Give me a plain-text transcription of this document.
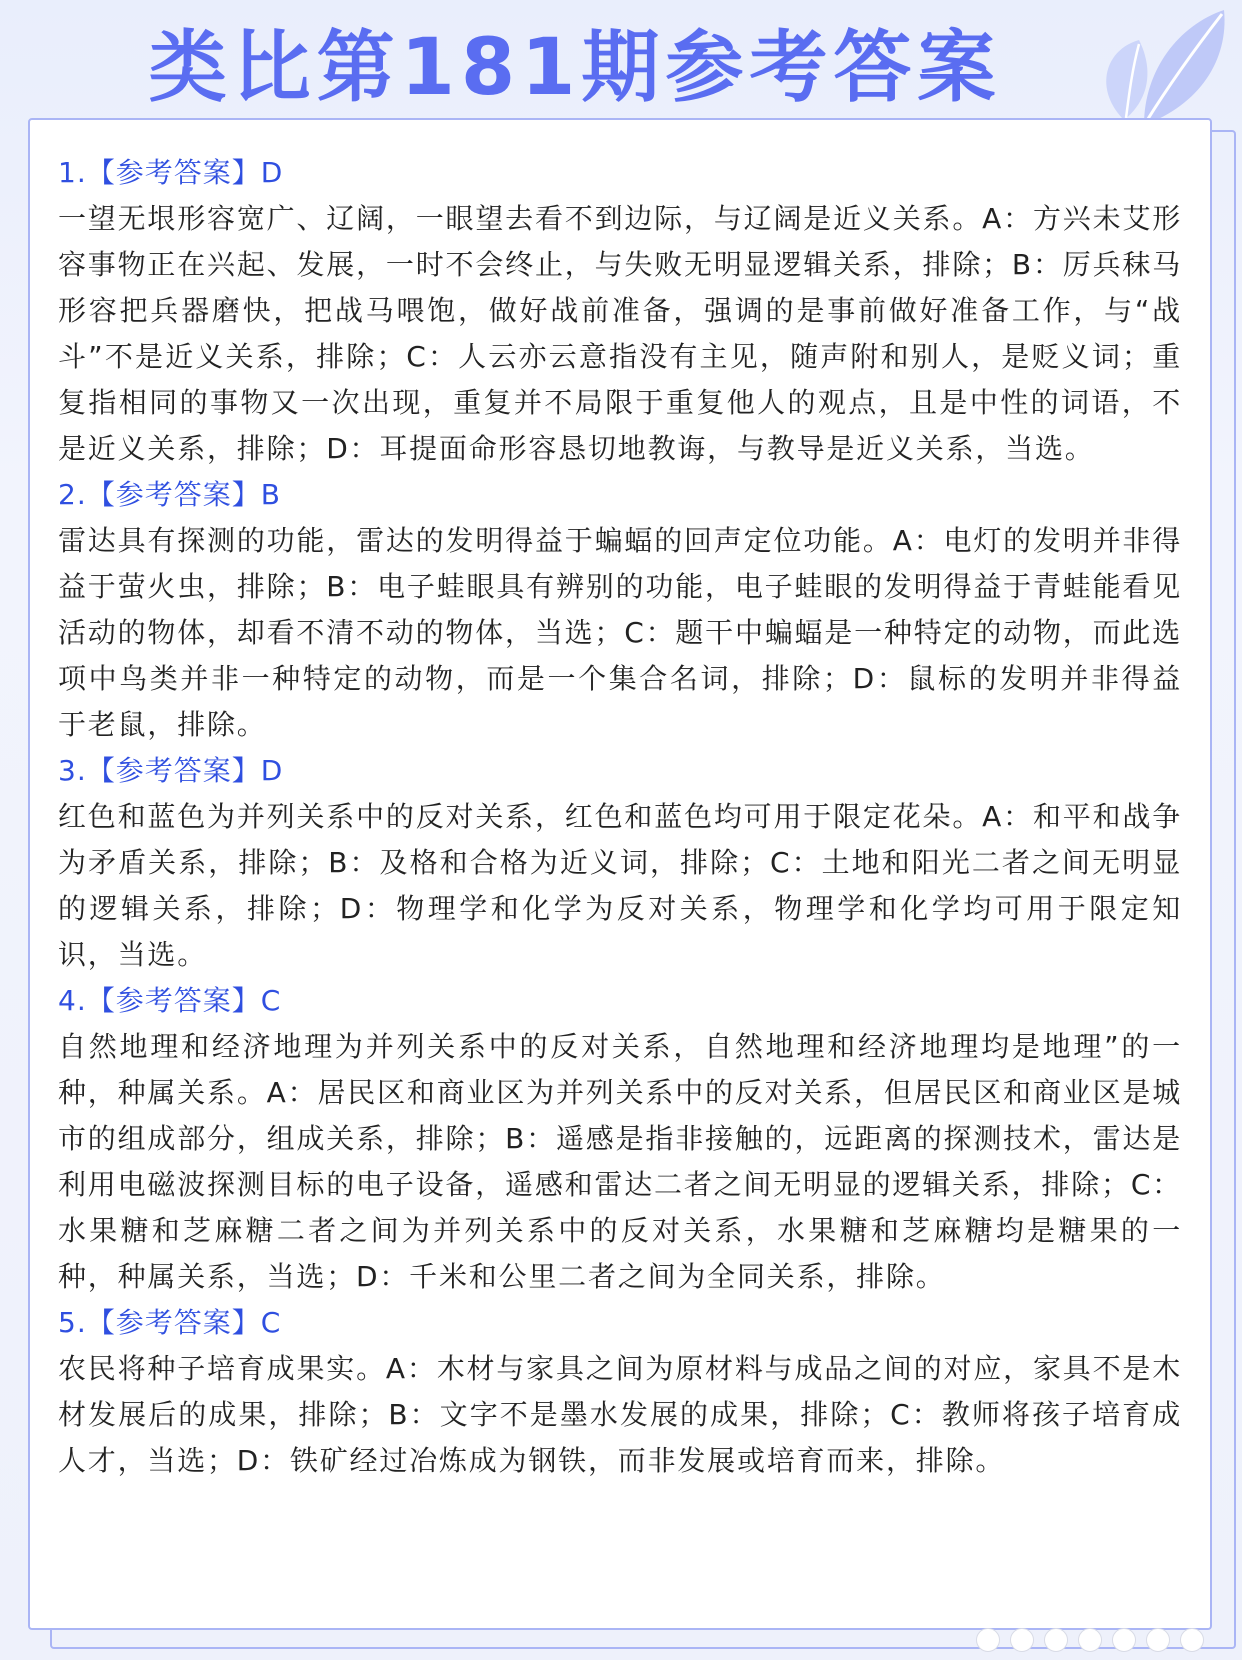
类比第181期参考答案
1.【参考答案】D
一望无垠形容宽广、辽阔，一眼望去看不到边际，与辽阔是近义关系。A：方兴未艾形容事物正在兴起、发展，一时不会终止，与失败无明显逻辑关系，排除；B：厉兵秣马形容把兵器磨快，把战马喂饱，做好战前准备，强调的是事前做好准备工作，与“战斗”不是近义关系，排除；C：人云亦云意指没有主见，随声附和别人，是贬义词；重复指相同的事物又一次出现，重复并不局限于重复他人的观点，且是中性的词语，不是近义关系，排除；D：耳提面命形容恳切地教诲，与教导是近义关系，当选。
2.【参考答案】B
雷达具有探测的功能，雷达的发明得益于蝙蝠的回声定位功能。A：电灯的发明并非得益于萤火虫，排除；B：电子蛙眼具有辨别的功能，电子蛙眼的发明得益于青蛙能看见活动的物体，却看不清不动的物体，当选；C：题干中蝙蝠是一种特定的动物，而此选项中鸟类并非一种特定的动物，而是一个集合名词，排除；D：鼠标的发明并非得益于老鼠，排除。
3.【参考答案】D
红色和蓝色为并列关系中的反对关系，红色和蓝色均可用于限定花朵。A：和平和战争为矛盾关系，排除；B：及格和合格为近义词，排除；C：土地和阳光二者之间无明显的逻辑关系，排除；D：物理学和化学为反对关系，物理学和化学均可用于限定知识，当选。
4.【参考答案】C
自然地理和经济地理为并列关系中的反对关系，自然地理和经济地理均是地理”的一种，种属关系。A：居民区和商业区为并列关系中的反对关系，但居民区和商业区是城市的组成部分，组成关系，排除；B：遥感是指非接触的，远距离的探测技术，雷达是利用电磁波探测目标的电子设备，遥感和雷达二者之间无明显的逻辑关系，排除；C：水果糖和芝麻糖二者之间为并列关系中的反对关系，水果糖和芝麻糖均是糖果的一种，种属关系，当选；D：千米和公里二者之间为全同关系，排除。
5.【参考答案】C
农民将种子培育成果实。A：木材与家具之间为原材料与成品之间的对应，家具不是木材发展后的成果，排除；B：文字不是墨水发展的成果，排除；C：教师将孩子培育成人才，当选；D：铁矿经过冶炼成为钢铁，而非发展或培育而来，排除。
